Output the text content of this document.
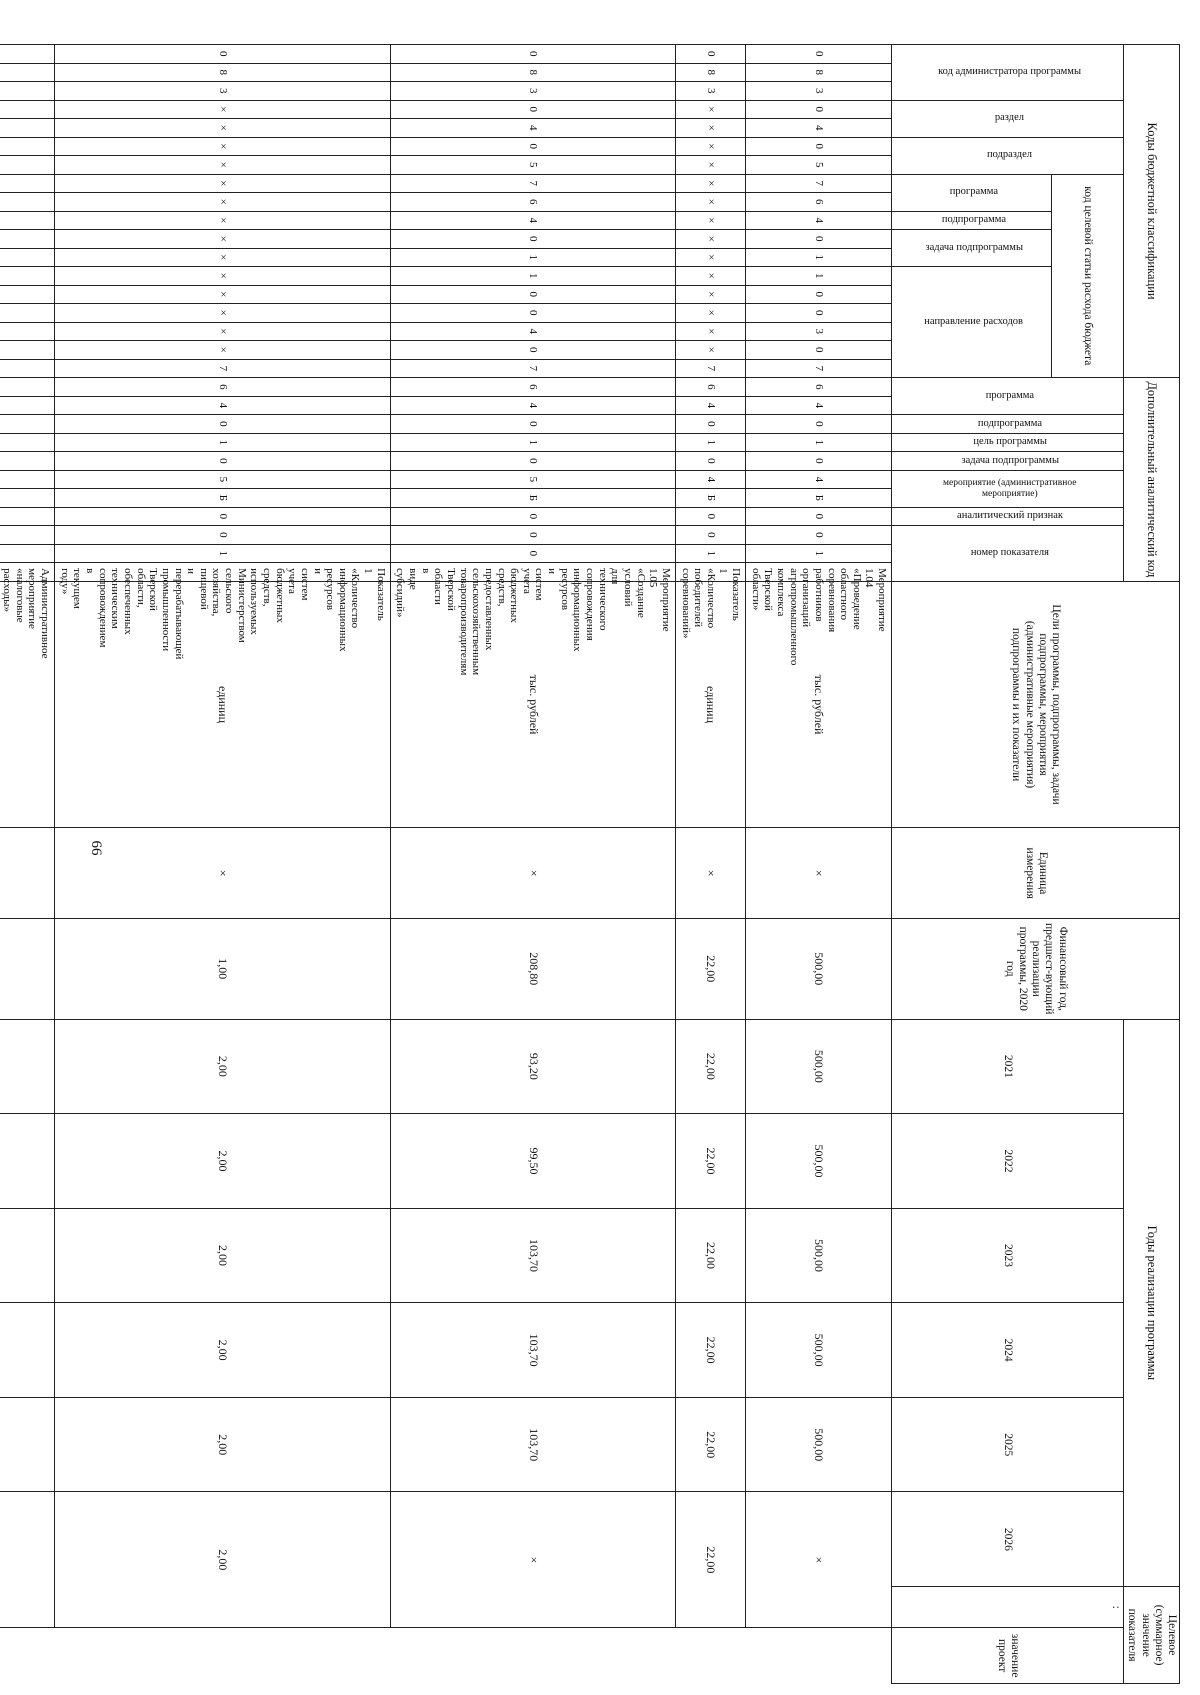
66
Коды бюджетной классификации																		Дополнительный аналитический код											Цели программы, подпрограммы, задачи подпрограммы, мероприятия (административные мероприятия) подпрограммы и их показатели	Единица измерения	Финансовый год, предшест-вующий реализации программы, 2020 год	Годы реализации программы						Целевое (суммарное) значение показателя	
код администратора программы			раздел		подраздел		код целевой статьи расхода бюджета											программа		подпрограмма	цель программы	задача подпрограммы	мероприятие (административное мероприятие)		аналитический признак	номер показателя						2021	2022	2023	2024	2025	2026	:	значение проект
							программа		подпрограмма	задача подпрограммы		направление расходов																											
0	8	3	0	4	0	5	7	6	4	0	1	1	0	0	3	0	7	6	4	0	1	0	4	Б	0	0	1	Мероприятие 1.04 «Проведение областного соревнования работников организаций агропромышленного комплекса Тверской области»	тыс. рублей	×	500,00	500,00	500,00	500,00	500,00	500,00	×		
0	8	3	×	×	×	×	×	×	×	×	×	×	×	×	×	×	7	6	4	0	1	0	4	Б	0	0	1	Показатель 1 «Количество победителей соревнований»	единиц	×	22,00	22,00	22,00	22,00	22,00	22,00	22,00		
0	8	3	0	4	0	5	7	6	4	0	1	1	0	0	4	0	7	6	4	0	1	0	5	Б	0	0	0	Мероприятие 1.05 «Создание условий для технического сопровождения информационных ресурсов и систем учета бюджетных средств, предоставленных сельскохозяйственным товаропроизводителям Тверской области в виде субсидий»	тыс. рублей	×	208,80	93,20	99,50	103,70	103,70	103,70	×		
0	8	3	×	×	×	×	×	×	×	×	×	×	×	×	×	×	7	6	4	0	1	0	5	Б	0	0	1	Показатель 1 «Количество информационных ресурсов и систем учета бюджетных средств, используемых Министерством сельского хозяйства, пищевой и перерабатывающей промышленности Тверской области, обеспеченных техническим сопровождением в текущем году»	единиц	×	1,00	2,00	2,00	2,00	2,00	2,00	2,00		
																												Административное мероприятие «налоговые расходы»									
